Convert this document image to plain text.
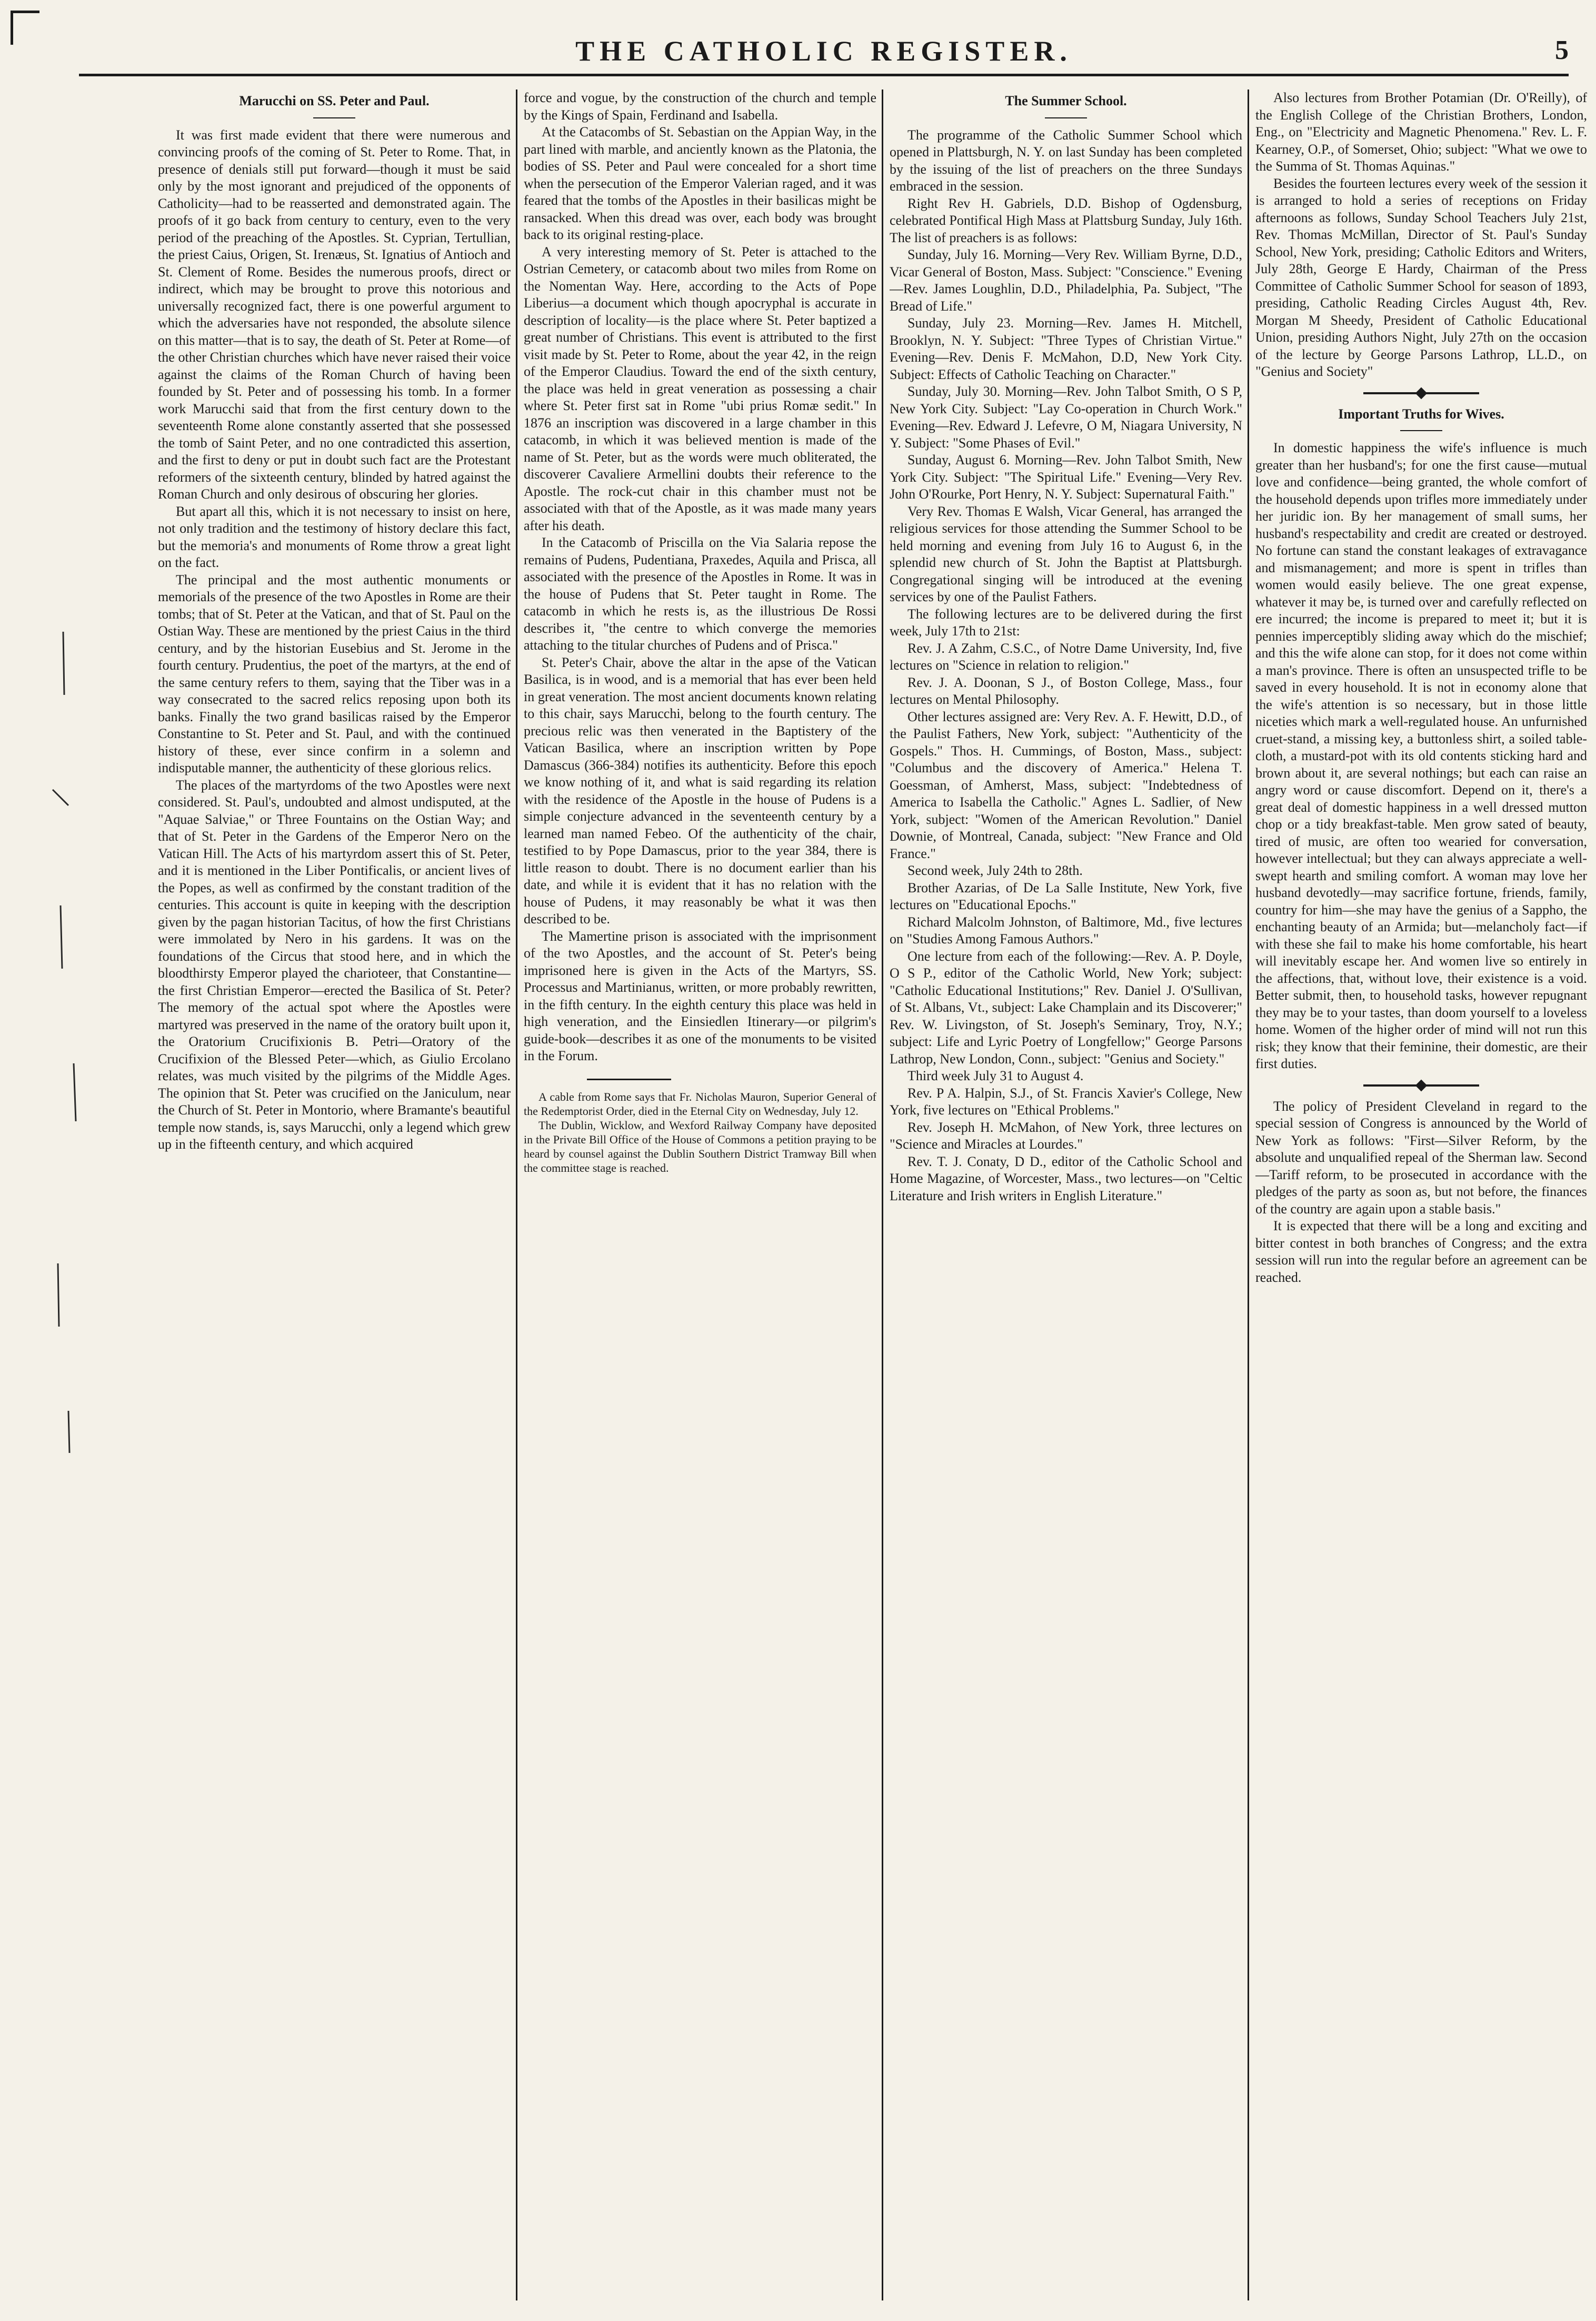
THE CATHOLIC REGISTER.	5
Marucchi on SS. Peter and Paul.

It was first made evident that there were numerous and convincing proofs of the coming of St. Peter to Rome. That, in presence of denials still put forward—though it must be said only by the most ignorant and prejudiced of the opponents of Catholicity—had to be reasserted and demonstrated again. The proofs of it go back from century to century, even to the very period of the preaching of the Apostles. St. Cyprian, Tertullian, the priest Caius, Origen, St. Irenæus, St. Ignatius of Antioch and St. Clement of Rome. Besides the numerous proofs, direct or indirect, which may be brought to prove this notorious and universally recognized fact, there is one powerful argument to which the adversaries have not responded, the absolute silence on this matter—that is to say, the death of St. Peter at Rome—of the other Christian churches which have never raised their voice against the claims of the Roman Church of having been founded by St. Peter and of possessing his tomb. In a former work Marucchi said that from the first century down to the seventeenth Rome alone constantly asserted that she possessed the tomb of Saint Peter, and no one contradicted this assertion, and the first to deny or put in doubt such fact are the Protestant reformers of the sixteenth century, blinded by hatred against the Roman Church and only desirous of obscuring her glories.

But apart all this, which it is not necessary to insist on here, not only tradition and the testimony of history declare this fact, but the memoria's and monuments of Rome throw a great light on the fact.

The principal and the most authentic monuments or memorials of the presence of the two Apostles in Rome are their tombs; that of St. Peter at the Vatican, and that of St. Paul on the Ostian Way. These are mentioned by the priest Caius in the third century, and by the historian Eusebius and St. Jerome in the fourth century. Prudentius, the poet of the martyrs, at the end of the same century refers to them, saying that the Tiber was in a way consecrated to the sacred relics reposing upon both its banks. Finally the two grand basilicas raised by the Emperor Constantine to St. Peter and St. Paul, and with the continued history of these, ever since confirm in a solemn and indisputable manner, the authenticity of these glorious relics.

The places of the martyrdoms of the two Apostles were next considered. St. Paul's, undoubted and almost undisputed, at the "Aquae Salviae," or Three Fountains on the Ostian Way; and that of St. Peter in the Gardens of the Emperor Nero on the Vatican Hill. The Acts of his martyrdom assert this of St. Peter, and it is mentioned in the Liber Pontificalis, or ancient lives of the Popes, as well as confirmed by the constant tradition of the centuries. This account is quite in keeping with the description given by the pagan historian Tacitus, of how the first Christians were immolated by Nero in his gardens. It was on the foundations of the Circus that stood here, and in which the bloodthirsty Emperor played the charioteer, that Constantine—the first Christian Emperor—erected the Basilica of St. Peter? The memory of the actual spot where the Apostles were martyred was preserved in the name of the oratory built upon it, the Oratorium Crucifixionis B. Petri—Oratory of the Crucifixion of the Blessed Peter—which, as Giulio Ercolano relates, was much visited by the pilgrims of the Middle Ages. The opinion that St. Peter was crucified on the Janiculum, near the Church of St. Peter in Montorio, where Bramante's beautiful temple now stands, is, says Marucchi, only a legend which grew up in the fifteenth century, and which acquired

force and vogue, by the construction of the church and temple by the Kings of Spain, Ferdinand and Isabella.

At the Catacombs of St. Sebastian on the Appian Way, in the part lined with marble, and anciently known as the Platonia, the bodies of SS. Peter and Paul were concealed for a short time when the persecution of the Emperor Valerian raged, and it was feared that the tombs of the Apostles in their basilicas might be ransacked. When this dread was over, each body was brought back to its original resting-place.

A very interesting memory of St. Peter is attached to the Ostrian Cemetery, or catacomb about two miles from Rome on the Nomentan Way. Here, according to the Acts of Pope Liberius—a document which though apocryphal is accurate in description of locality—is the place where St. Peter baptized a great number of Christians. This event is attributed to the first visit made by St. Peter to Rome, about the year 42, in the reign of the Emperor Claudius. Toward the end of the sixth century, the place was held in great veneration as possessing a chair where St. Peter first sat in Rome "ubi prius Romæ sedit." In 1876 an inscription was discovered in a large chamber in this catacomb, in which it was believed mention is made of the name of St. Peter, but as the words were much obliterated, the discoverer Cavaliere Armellini doubts their reference to the Apostle. The rock-cut chair in this chamber must not be associated with that of the Apostle, as it was made many years after his death.

In the Catacomb of Priscilla on the Via Salaria repose the remains of Pudens, Pudentiana, Praxedes, Aquila and Prisca, all associated with the presence of the Apostles in Rome. It was in the house of Pudens that St. Peter taught in Rome. The catacomb in which he rests is, as the illustrious De Rossi describes it, "the centre to which converge the memories attaching to the titular churches of Pudens and of Prisca."

St. Peter's Chair, above the altar in the apse of the Vatican Basilica, is in wood, and is a memorial that has ever been held in great veneration. The most ancient documents known relating to this chair, says Marucchi, belong to the fourth century. The precious relic was then venerated in the Baptistery of the Vatican Basilica, where an inscription written by Pope Damascus (366-384) notifies its authenticity. Before this epoch we know nothing of it, and what is said regarding its relation with the residence of the Apostle in the house of Pudens is a simple conjecture advanced in the seventeenth century by a learned man named Febeo. Of the authenticity of the chair, testified to by Pope Damascus, prior to the year 384, there is little reason to doubt. There is no document earlier than his date, and while it is evident that it has no relation with the house of Pudens, it may reasonably be what it was then described to be.

The Mamertine prison is associated with the imprisonment of the two Apostles, and the account of St. Peter's being imprisoned here is given in the Acts of the Martyrs, SS. Processus and Martinianus, written, or more probably rewritten, in the fifth century. In the eighth century this place was held in high veneration, and the Einsiedlen Itinerary—or pilgrim's guide-book—describes it as one of the monuments to be visited in the Forum.

A cable from Rome says that Fr. Nicholas Mauron, Superior General of the Redemptorist Order, died in the Eternal City on Wednesday, July 12.

The Dublin, Wicklow, and Wexford Railway Company have deposited in the Private Bill Office of the House of Commons a petition praying to be heard by counsel against the Dublin Southern District Tramway Bill when the committee stage is reached.

The Summer School.

The programme of the Catholic Summer School which opened in Plattsburgh, N. Y. on last Sunday has been completed by the issuing of the list of preachers on the three Sundays embraced in the session.

Right Rev H. Gabriels, D.D. Bishop of Ogdensburg, celebrated Pontifical High Mass at Plattsburg Sunday, July 16th. The list of preachers is as follows:

Sunday, July 16. Morning—Very Rev. William Byrne, D.D., Vicar General of Boston, Mass. Subject: "Conscience." Evening—Rev. James Loughlin, D.D., Philadelphia, Pa. Subject, "The Bread of Life."

Sunday, July 23. Morning—Rev. James H. Mitchell, Brooklyn, N. Y. Subject: "Three Types of Christian Virtue." Evening—Rev. Denis F. McMahon, D.D, New York City. Subject: Effects of Catholic Teaching on Character."

Sunday, July 30. Morning—Rev. John Talbot Smith, O S P, New York City. Subject: "Lay Co-operation in Church Work." Evening—Rev. Edward J. Lefevre, O M, Niagara University, N Y. Subject: "Some Phases of Evil."

Sunday, August 6. Morning—Rev. John Talbot Smith, New York City. Subject: "The Spiritual Life." Evening—Very Rev. John O'Rourke, Port Henry, N. Y. Subject: Supernatural Faith."

Very Rev. Thomas E Walsh, Vicar General, has arranged the religious services for those attending the Summer School to be held morning and evening from July 16 to August 6, in the splendid new church of St. John the Baptist at Plattsburgh. Congregational singing will be introduced at the evening services by one of the Paulist Fathers.

The following lectures are to be delivered during the first week, July 17th to 21st:

Rev. J. A Zahm, C.S.C., of Notre Dame University, Ind, five lectures on "Science in relation to religion."

Rev. J. A. Doonan, S J., of Boston College, Mass., four lectures on Mental Philosophy.

Other lectures assigned are: Very Rev. A. F. Hewitt, D.D., of the Paulist Fathers, New York, subject: "Authenticity of the Gospels." Thos. H. Cummings, of Boston, Mass., subject: "Columbus and the discovery of America." Helena T. Goessman, of Amherst, Mass, subject: "Indebtedness of America to Isabella the Catholic." Agnes L. Sadlier, of New York, subject: "Women of the American Revolution." Daniel Downie, of Montreal, Canada, subject: "New France and Old France."

Second week, July 24th to 28th.

Brother Azarias, of De La Salle Institute, New York, five lectures on "Educational Epochs."

Richard Malcolm Johnston, of Baltimore, Md., five lectures on "Studies Among Famous Authors."

One lecture from each of the following:—Rev. A. P. Doyle, O S P., editor of the Catholic World, New York; subject: "Catholic Educational Institutions;" Rev. Daniel J. O'Sullivan, of St. Albans, Vt., subject: Lake Champlain and its Discoverer;" Rev. W. Livingston, of St. Joseph's Seminary, Troy, N.Y.; subject: Life and Lyric Poetry of Longfellow;" George Parsons Lathrop, New London, Conn., subject: "Genius and Society."

Third week July 31 to August 4.

Rev. P A. Halpin, S.J., of St. Francis Xavier's College, New York, five lectures on "Ethical Problems."

Rev. Joseph H. McMahon, of New York, three lectures on "Science and Miracles at Lourdes."

Rev. T. J. Conaty, D D., editor of the Catholic School and Home Magazine, of Worcester, Mass., two lectures—on "Celtic Literature and Irish writers in English Literature."

Also lectures from Brother Potamian (Dr. O'Reilly), of the English College of the Christian Brothers, London, Eng., on "Electricity and Magnetic Phenomena." Rev. L. F. Kearney, O.P., of Somerset, Ohio; subject: "What we owe to the Summa of St. Thomas Aquinas."

Besides the fourteen lectures every week of the session it is arranged to hold a series of receptions on Friday afternoons as follows, Sunday School Teachers July 21st, Rev. Thomas McMillan, Director of St. Paul's Sunday School, New York, presiding; Catholic Editors and Writers, July 28th, George E Hardy, Chairman of the Press Committee of Catholic Summer School for season of 1893, presiding, Catholic Reading Circles August 4th, Rev. Morgan M Sheedy, President of Catholic Educational Union, presiding Authors Night, July 27th on the occasion of the lecture by George Parsons Lathrop, LL.D., on "Genius and Society"

Important Truths for Wives.

In domestic happiness the wife's influence is much greater than her husband's; for one the first cause—mutual love and confidence—being granted, the whole comfort of the household depends upon trifles more immediately under her juridic ion. By her management of small sums, her husband's respectability and credit are created or destroyed. No fortune can stand the constant leakages of extravagance and mismanagement; and more is spent in trifles than women would easily believe. The one great expense, whatever it may be, is turned over and carefully reflected on ere incurred; the income is prepared to meet it; but it is pennies imperceptibly sliding away which do the mischief; and this the wife alone can stop, for it does not come within a man's province. There is often an unsuspected trifle to be saved in every household. It is not in economy alone that the wife's attention is so necessary, but in those little niceties which mark a well-regulated house. An unfurnished cruet-stand, a missing key, a buttonless shirt, a soiled table-cloth, a mustard-pot with its old contents sticking hard and brown about it, are several nothings; but each can raise an angry word or cause discomfort. Depend on it, there's a great deal of domestic happiness in a well dressed mutton chop or a tidy breakfast-table. Men grow sated of beauty, tired of music, are often too wearied for conversation, however intellectual; but they can always appreciate a well-swept hearth and smiling comfort. A woman may love her husband devotedly—may sacrifice fortune, friends, family, country for him—she may have the genius of a Sappho, the enchanting beauty of an Armida; but—melancholy fact—if with these she fail to make his home comfortable, his heart will inevitably escape her. And women live so entirely in the affections, that, without love, their existence is a void. Better submit, then, to household tasks, however repugnant they may be to your tastes, than doom yourself to a loveless home. Women of the higher order of mind will not run this risk; they know that their feminine, their domestic, are their first duties.

The policy of President Cleveland in regard to the special session of Congress is announced by the World of New York as follows: "First—Silver Reform, by the absolute and unqualified repeal of the Sherman law. Second—Tariff reform, to be prosecuted in accordance with the pledges of the party as soon as, but not before, the finances of the country are again upon a stable basis."

It is expected that there will be a long and exciting and bitter contest in both branches of Congress; and the extra session will run into the regular before an agreement can be reached.
